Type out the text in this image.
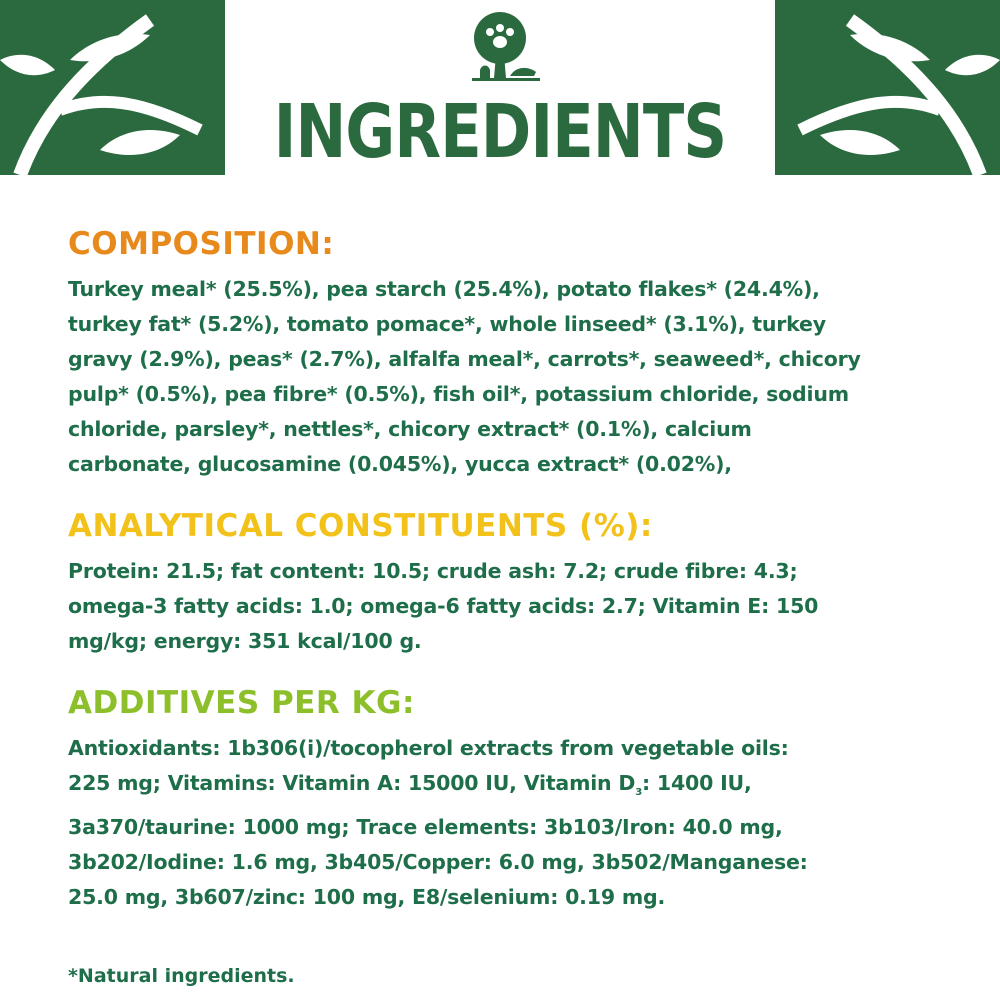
INGREDIENTS
COMPOSITION:

Turkey meal* (25.5%), pea starch (25.4%), potato flakes* (24.4%),

turkey fat* (5.2%), tomato pomace*, whole linseed* (3.1%), turkey

gravy (2.9%), peas* (2.7%), alfalfa meal*, carrots*, seaweed*, chicory

pulp* (0.5%), pea fibre* (0.5%), fish oil*, potassium chloride, sodium

chloride, parsley*, nettles*, chicory extract* (0.1%), calcium

carbonate, glucosamine (0.045%), yucca extract* (0.02%),

ANALYTICAL CONSTITUENTS (%):

Protein: 21.5; fat content: 10.5; crude ash: 7.2; crude fibre: 4.3;

omega-3 fatty acids: 1.0; omega-6 fatty acids: 2.7; Vitamin E: 150

mg/kg; energy: 351 kcal/100 g.

ADDITIVES PER KG:

Antioxidants: 1b306(i)/tocopherol extracts from vegetable oils:

225 mg; Vitamins: Vitamin A: 15000 IU, Vitamin $D_3$: 1400 IU,

3a370/taurine: 1000 mg; Trace elements: 3b103/Iron: 40.0 mg,

3b202/Iodine: 1.6 mg, 3b405/Copper: 6.0 mg, 3b502/Manganese:

25.0 mg, 3b607/zinc: 100 mg, E8/selenium: 0.19 mg.

*Natural ingredients.
